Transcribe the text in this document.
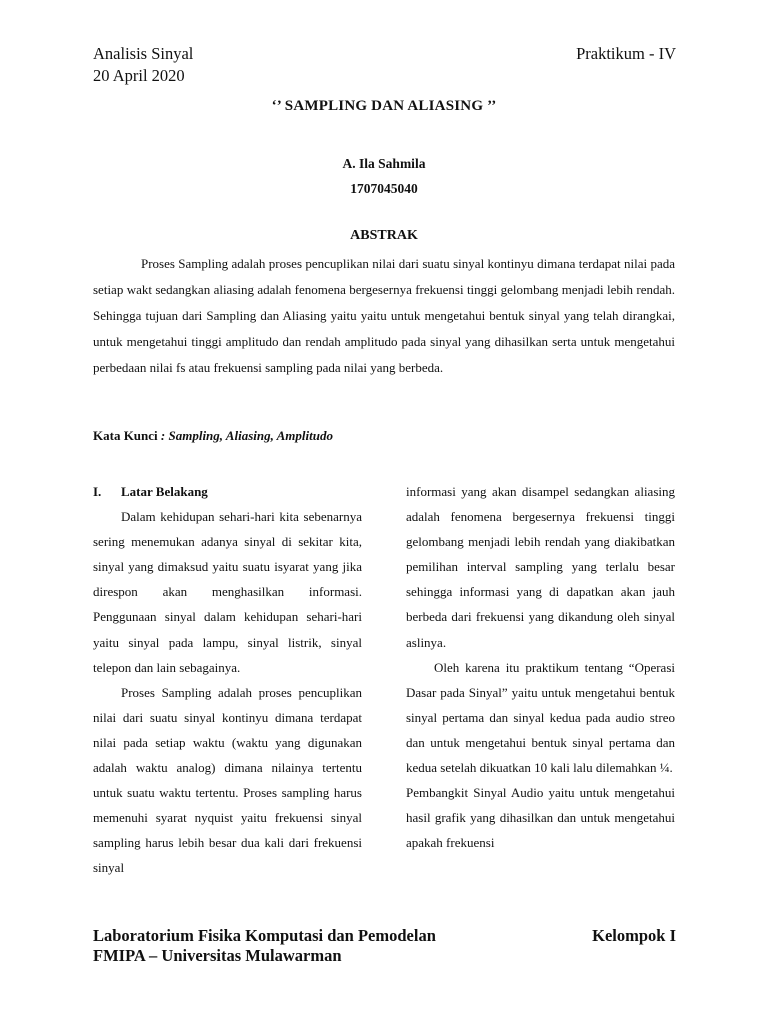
Analisis Sinyal
20 April 2020
Praktikum - IV
‘’ SAMPLING DAN ALIASING ’’
A. Ila Sahmila
1707045040
ABSTRAK

Proses Sampling adalah proses pencuplikan nilai dari suatu sinyal kontinyu dimana terdapat nilai pada setiap wakt sedangkan aliasing adalah fenomena bergesernya frekuensi tinggi gelombang menjadi lebih rendah. Sehingga tujuan dari Sampling dan Aliasing yaitu yaitu untuk mengetahui bentuk sinyal yang telah dirangkai, untuk mengetahui tinggi amplitudo dan rendah amplitudo pada sinyal yang dihasilkan serta untuk mengetahui perbedaan nilai fs atau frekuensi sampling pada nilai yang berbeda.

Kata Kunci : Sampling, Aliasing, Amplitudo
I.	Latar Belakang

Dalam kehidupan sehari-hari kita sebenarnya sering menemukan adanya sinyal di sekitar kita, sinyal yang dimaksud yaitu suatu isyarat yang jika direspon akan menghasilkan informasi. Penggunaan sinyal dalam kehidupan sehari-hari yaitu sinyal pada lampu, sinyal listrik, sinyal telepon dan lain sebagainya.

Proses Sampling adalah proses pencuplikan nilai dari suatu sinyal kontinyu dimana terdapat nilai pada setiap waktu (waktu yang digunakan adalah waktu analog) dimana nilainya tertentu untuk suatu waktu tertentu. Proses sampling harus memenuhi syarat nyquist yaitu frekuensi sinyal sampling harus lebih besar dua kali dari frekuensi sinyal

informasi yang akan disampel sedangkan aliasing adalah fenomena bergesernya frekuensi tinggi gelombang menjadi lebih rendah yang diakibatkan pemilihan interval sampling yang terlalu besar sehingga informasi yang di dapatkan akan jauh berbeda dari frekuensi yang dikandung oleh sinyal aslinya.

Oleh karena itu praktikum tentang “Operasi Dasar pada Sinyal” yaitu untuk mengetahui bentuk sinyal pertama dan sinyal kedua pada audio streo dan untuk mengetahui bentuk sinyal pertama dan kedua setelah dikuatkan 10 kali lalu dilemahkan ¼.

Pembangkit Sinyal Audio yaitu untuk mengetahui hasil grafik yang dihasilkan dan untuk mengetahui apakah frekuensi

Laboratorium Fisika Komputasi dan Pemodelan
FMIPA – Universitas Mulawarman
Kelompok I
